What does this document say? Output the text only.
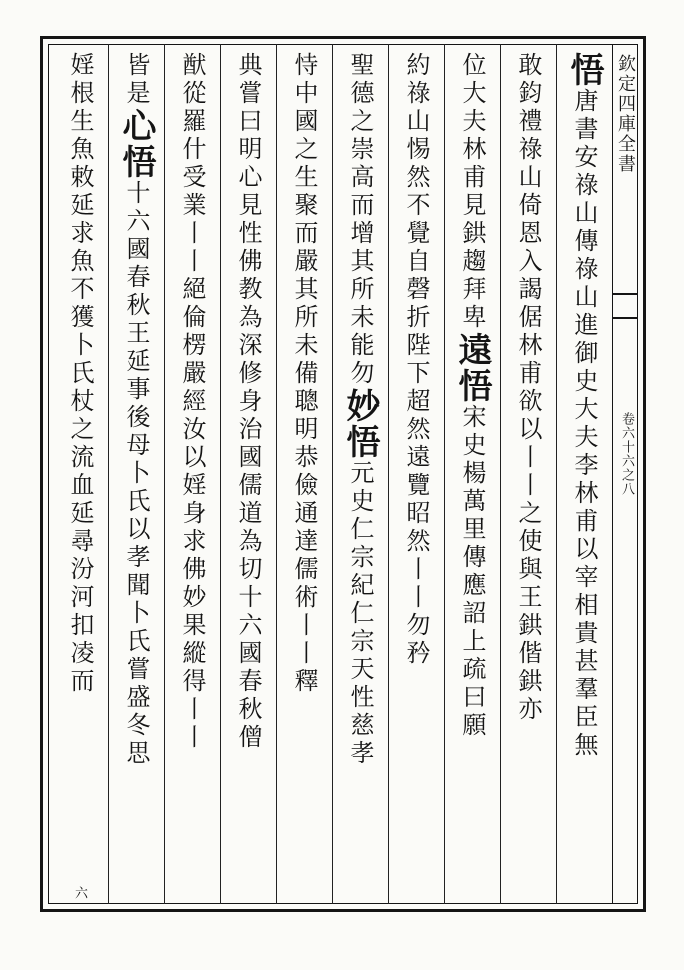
欽定四庫全書
卷六十六之八
悟唐書安祿山傳祿山進御史大夫李林甫以宰相貴甚羣臣無
敢鈞禮祿山倚恩入謁倨林甫欲以丨丨之使與王鉷偕鉷亦
位大夫林甫見鉷趨拜卑遠悟宋史楊萬里傳應詔上疏曰願
約祿山惕然不覺自磬折陛下超然遠覽昭然丨丨勿矜
聖德之崇高而增其所未能勿妙悟元史仁宗紀仁宗天性慈孝
恃中國之生聚而嚴其所未備聰明恭儉通達儒術丨丨釋
典嘗曰明心見性佛教為深修身治國儒道為切十六國春秋僧
猷從羅什受業丨丨絕倫楞嚴經汝以婬身求佛妙果縱得丨丨
皆是心悟十六國春秋王延事後母卜氏以孝聞卜氏嘗盛冬思
婬根生魚敕延求魚不獲卜氏杖之流血延尋汾河扣凌而
六
